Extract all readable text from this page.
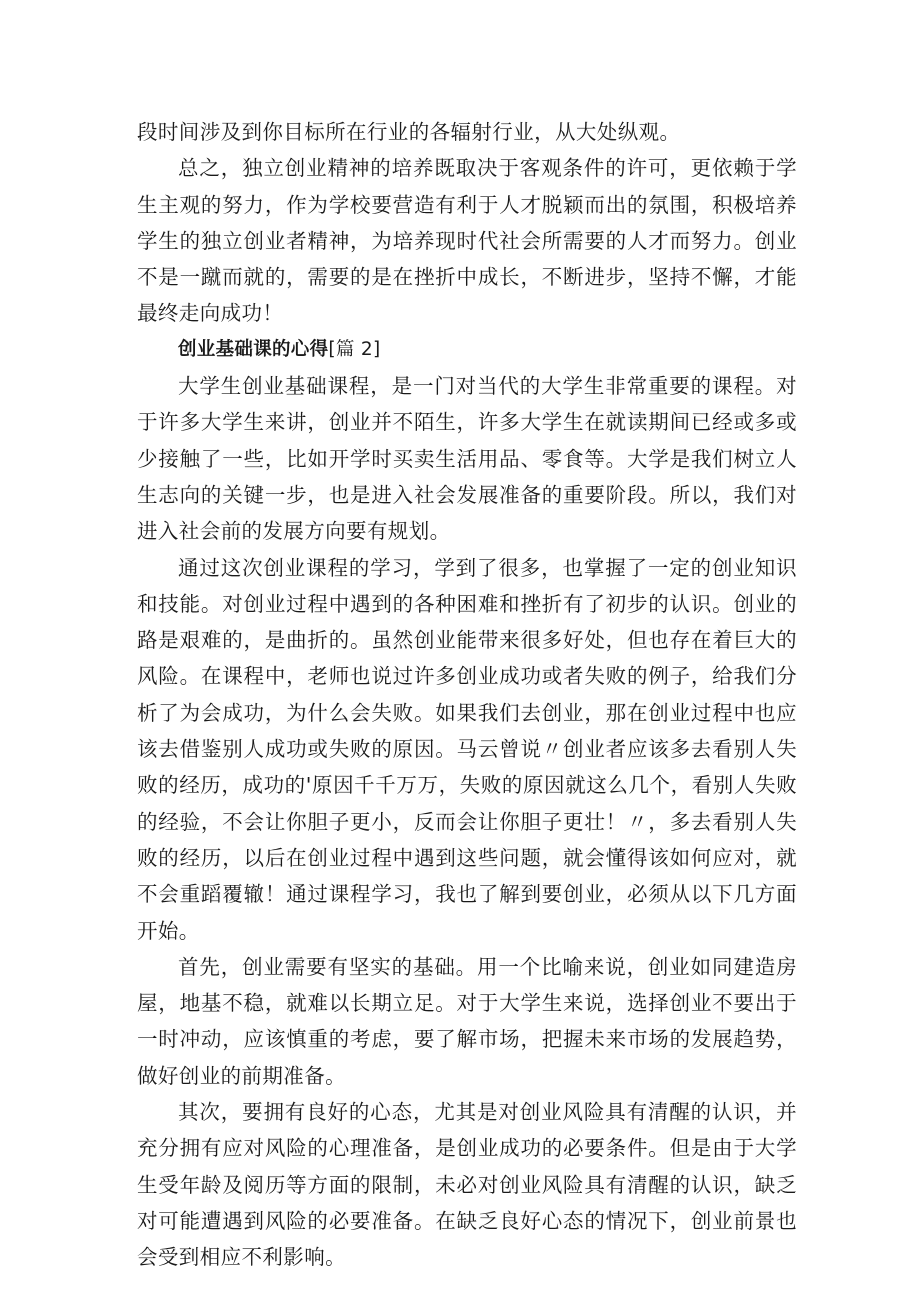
段时间涉及到你目标所在行业的各辐射行业，从大处纵观。

总之，独立创业精神的培养既取决于客观条件的许可，更依赖于学生主观的努力，作为学校要营造有利于人才脱颖而出的氛围，积极培养学生的独立创业者精神，为培养现时代社会所需要的人才而努力。创业不是一蹴而就的，需要的是在挫折中成长，不断进步，坚持不懈，才能最终走向成功！

创业基础课的心得[篇 2]

大学生创业基础课程，是一门对当代的大学生非常重要的课程。对于许多大学生来讲，创业并不陌生，许多大学生在就读期间已经或多或少接触了一些，比如开学时买卖生活用品、零食等。大学是我们树立人生志向的关键一步，也是进入社会发展准备的重要阶段。所以，我们对进入社会前的发展方向要有规划。

通过这次创业课程的学习，学到了很多，也掌握了一定的创业知识和技能。对创业过程中遇到的各种困难和挫折有了初步的认识。创业的路是艰难的，是曲折的。虽然创业能带来很多好处，但也存在着巨大的风险。在课程中，老师也说过许多创业成功或者失败的例子，给我们分析了为会成功，为什么会失败。如果我们去创业，那在创业过程中也应该去借鉴别人成功或失败的原因。马云曾说〃创业者应该多去看别人失败的经历，成功的'原因千千万万，失败的原因就这么几个，看别人失败的经验，不会让你胆子更小，反而会让你胆子更壮！〃，多去看别人失败的经历，以后在创业过程中遇到这些问题，就会懂得该如何应对，就不会重蹈覆辙！通过课程学习，我也了解到要创业，必须从以下几方面开始。

首先，创业需要有坚实的基础。用一个比喻来说，创业如同建造房屋，地基不稳，就难以长期立足。对于大学生来说，选择创业不要出于一时冲动，应该慎重的考虑，要了解市场，把握未来市场的发展趋势，做好创业的前期准备。

其次，要拥有良好的心态，尤其是对创业风险具有清醒的认识，并充分拥有应对风险的心理准备，是创业成功的必要条件。但是由于大学生受年龄及阅历等方面的限制，未必对创业风险具有清醒的认识，缺乏对可能遭遇到风险的必要准备。在缺乏良好心态的情况下，创业前景也会受到相应不利影响。
